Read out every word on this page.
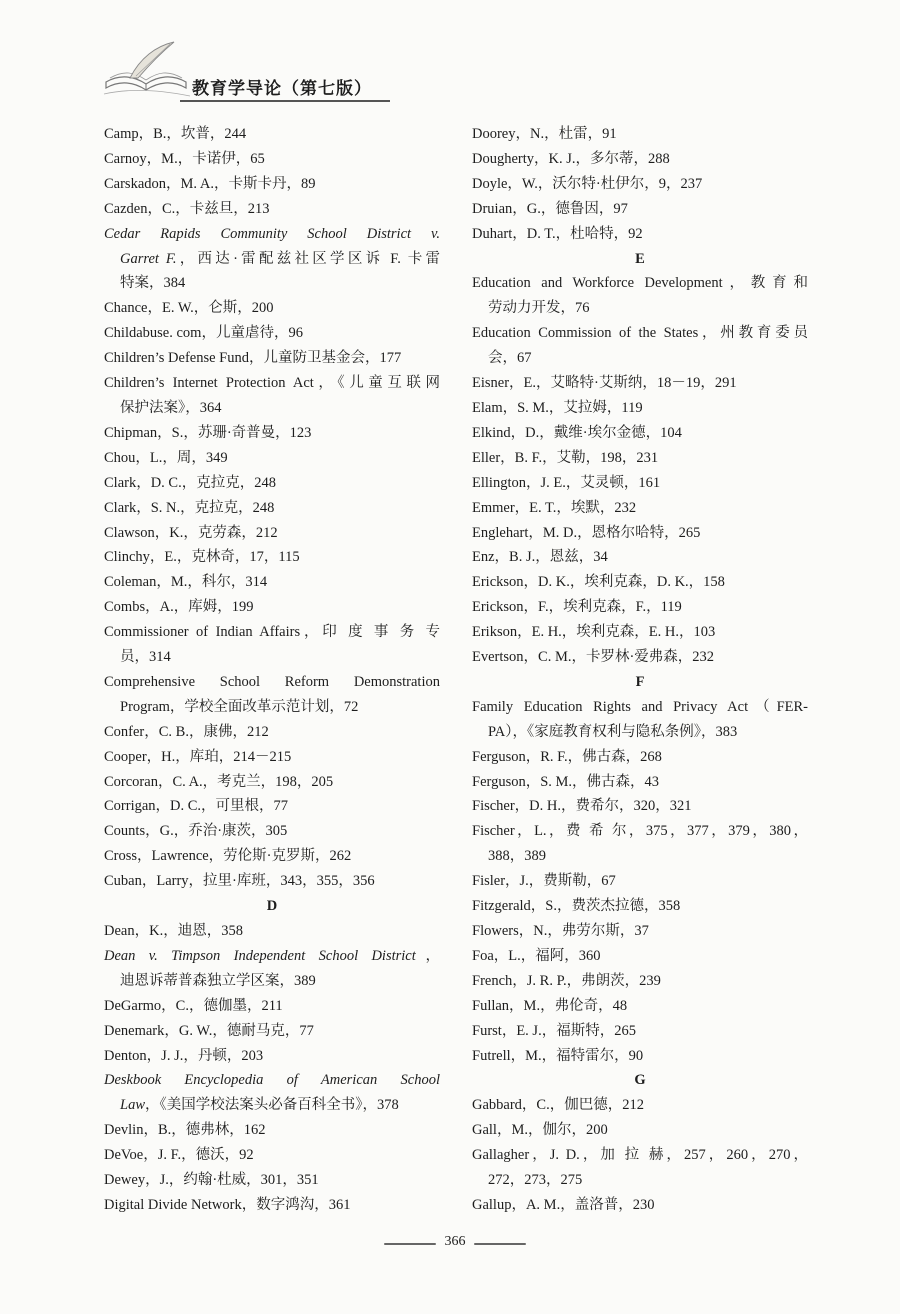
教育学导论（第七版）
Camp，B.，坎普，244
Carnoy，M.，卡诺伊，65
Carskadon，M. A.，卡斯卡丹，89
Cazden，C.，卡兹旦，213
Cedar Rapids Community School District v.
Garret F.，西达·雷配兹社区学区诉 F. 卡雷
特案，384
Chance，E. W.，仑斯，200
Childabuse. com，儿童虐待，96
Children’s Defense Fund，儿童防卫基金会，177
Children’s Internet Protection Act，《儿童互联网
保护法案》，364
Chipman，S.，苏珊·奇普曼，123
Chou，L.，周，349
Clark，D. C.，克拉克，248
Clark，S. N.，克拉克，248
Clawson，K.，克劳森，212
Clinchy，E.，克林奇，17，115
Coleman，M.，科尔，314
Combs，A.，库姆，199
Commissioner of Indian Affairs，印 度 事 务 专
员，314
Comprehensive School Reform Demonstration
Program，学校全面改革示范计划，72
Confer，C. B.，康佛，212
Cooper，H.，库珀，214－215
Corcoran，C. A.，考克兰，198，205
Corrigan，D. C.，可里根，77
Counts，G.，乔治·康茨，305
Cross，Lawrence，劳伦斯·克罗斯，262
Cuban，Larry，拉里·库班，343，355，356
D
Dean，K.，迪恩，358
Dean v. Timpson Independent School District，
迪恩诉蒂普森独立学区案，389
DeGarmo，C.，德伽墨，211
Denemark，G. W.，德耐马克，77
Denton，J. J.，丹顿，203
Deskbook Encyclopedia of American School
Law，《美国学校法案头必备百科全书》，378
Devlin，B.，德弗林，162
DeVoe，J. F.，德沃，92
Dewey，J.，约翰·杜威，301，351
Digital Divide Network，数字鸿沟，361
Doorey，N.，杜雷，91
Dougherty，K. J.，多尔蒂，288
Doyle，W.，沃尔特·杜伊尔，9，237
Druian，G.，德鲁因，97
Duhart，D. T.，杜哈特，92
E
Education and Workforce Development，教育和
劳动力开发，76
Education Commission of the States，州教育委员
会，67
Eisner，E.，艾略特·艾斯纳，18－19，291
Elam，S. M.，艾拉姆，119
Elkind，D.，戴维·埃尔金德，104
Eller，B. F.，艾勒，198，231
Ellington，J. E.，艾灵顿，161
Emmer，E. T.，埃默，232
Englehart，M. D.，恩格尔哈特，265
Enz，B. J.，恩兹，34
Erickson，D. K.，埃利克森，D. K.，158
Erickson，F.，埃利克森，F.，119
Erikson，E. H.，埃利克森，E. H.，103
Evertson，C. M.，卡罗林·爱弗森，232
F
Family Education Rights and Privacy Act（FER-
PA），《家庭教育权利与隐私条例》，383
Ferguson，R. F.，佛古森，268
Ferguson，S. M.，佛古森，43
Fischer，D. H.，费希尔，320，321
Fischer，L.，费 希 尔，375，377，379，380，
388，389
Fisler，J.，费斯勒，67
Fitzgerald，S.，费茨杰拉德，358
Flowers，N.，弗劳尔斯，37
Foa，L.，福阿，360
French，J. R. P.，弗朗茨，239
Fullan，M.，弗伦奇，48
Furst，E. J.，福斯特，265
Futrell，M.，福特雷尔，90
G
Gabbard，C.，伽巴德，212
Gall，M.，伽尔，200
Gallagher，J. D.，加 拉 赫，257，260，270，
272，273，275
Gallup，A. M.，盖洛普，230
366
